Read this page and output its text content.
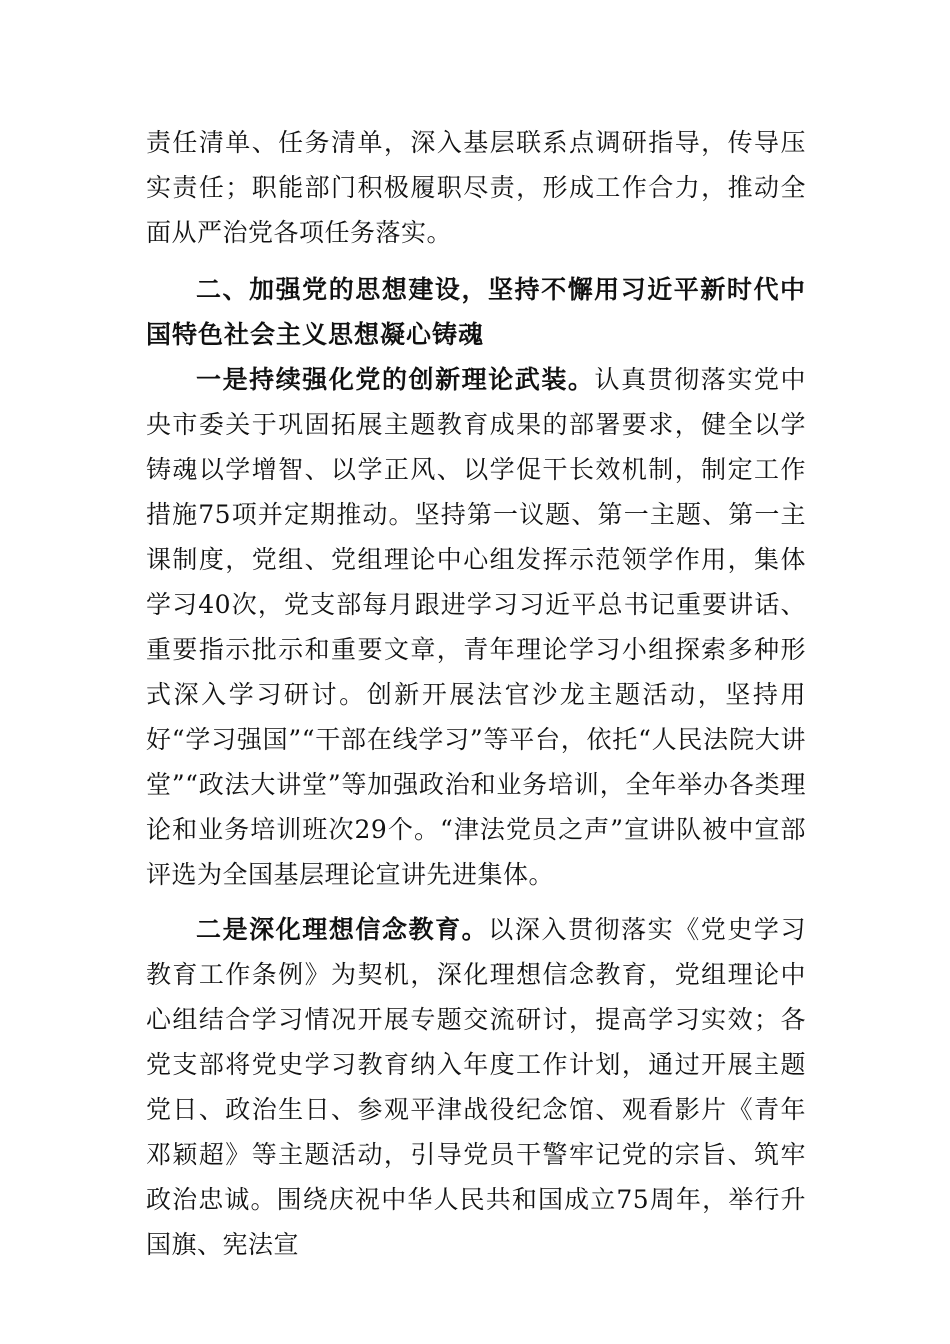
责任清单、任务清单，深入基层联系点调研指导，传导压实责任；职能部门积极履职尽责，形成工作合力，推动全面从严治党各项任务落实。

二、加强党的思想建设，坚持不懈用习近平新时代中国特色社会主义思想凝心铸魂

一是持续强化党的创新理论武装。认真贯彻落实党中央市委关于巩固拓展主题教育成果的部署要求，健全以学铸魂以学增智、以学正风、以学促干长效机制，制定工作措施75项并定期推动。坚持第一议题、第一主题、第一主课制度，党组、党组理论中心组发挥示范领学作用，集体学习40次，党支部每月跟进学习习近平总书记重要讲话、重要指示批示和重要文章，青年理论学习小组探索多种形式深入学习研讨。创新开展法官沙龙主题活动，坚持用好“学习强国”“干部在线学习”等平台，依托“人民法院大讲堂”“政法大讲堂”等加强政治和业务培训，全年举办各类理论和业务培训班次29个。“津法党员之声”宣讲队被中宣部评选为全国基层理论宣讲先进集体。

二是深化理想信念教育。以深入贯彻落实《党史学习教育工作条例》为契机，深化理想信念教育，党组理论中心组结合学习情况开展专题交流研讨，提高学习实效；各党支部将党史学习教育纳入年度工作计划，通过开展主题党日、政治生日、参观平津战役纪念馆、观看影片《青年邓颖超》等主题活动，引导党员干警牢记党的宗旨、筑牢政治忠诚。围绕庆祝中华人民共和国成立75周年，举行升国旗、宪法宣
